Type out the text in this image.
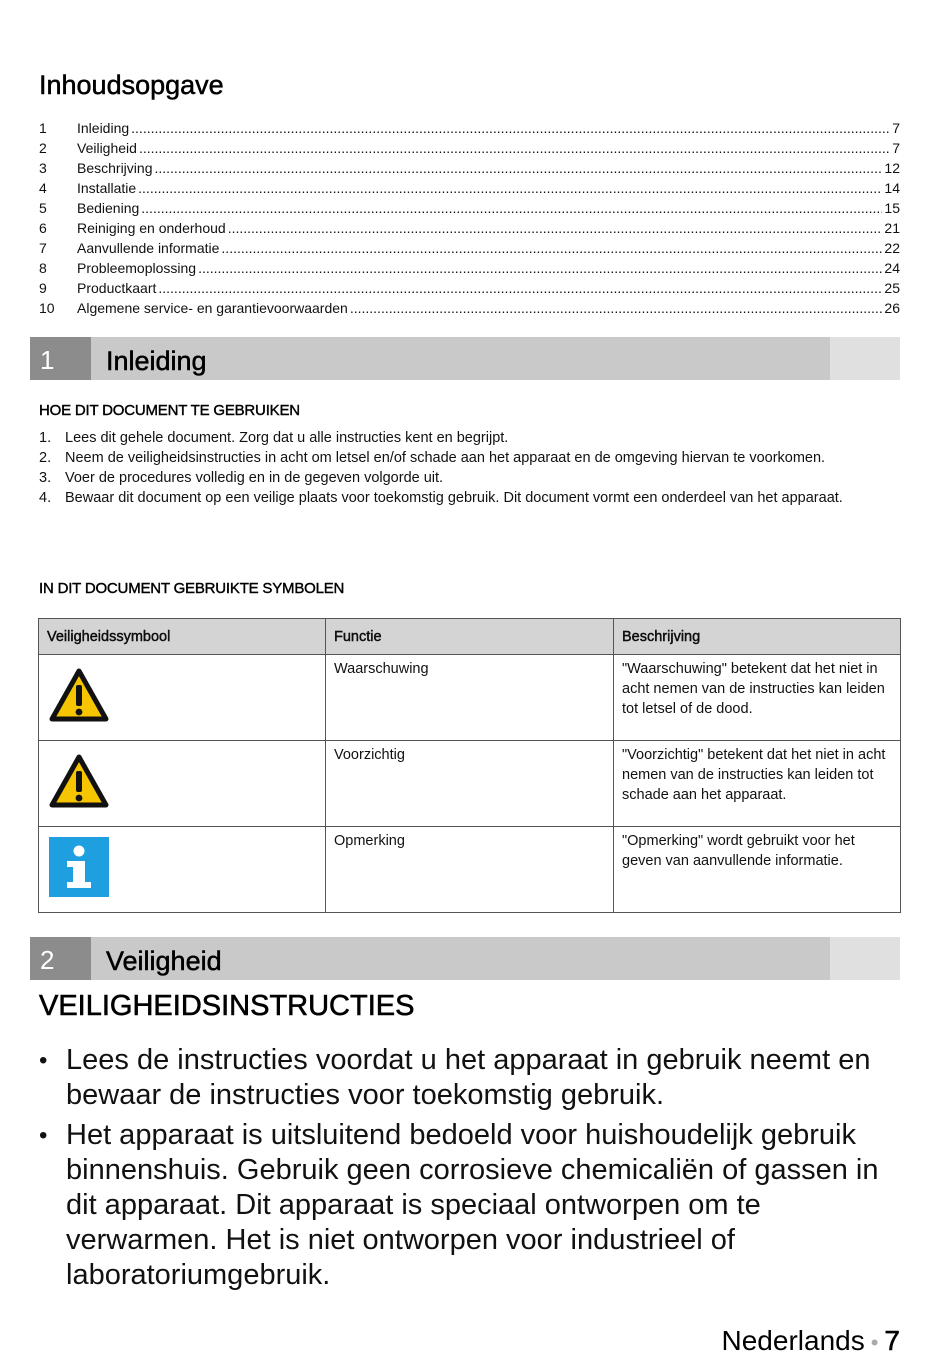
Inhoudsopgave
1	Inleiding .....	7
2	Veiligheid .....	7
3	Beschrijving .....	12
4	Installatie .....	14
5	Bediening .....	15
6	Reiniging en onderhoud .....	21
7	Aanvullende informatie .....	22
8	Probleemoplossing .....	24
9	Productkaart .....	25
10	Algemene service- en garantievoorwaarden .....	26
1	Inleiding
HOE DIT DOCUMENT TE GEBRUIKEN
1. Lees dit gehele document. Zorg dat u alle instructies kent en begrijpt.
2. Neem de veiligheidsinstructies in acht om letsel en/of schade aan het apparaat en de omgeving hiervan te voorkomen.
3. Voer de procedures volledig en in de gegeven volgorde uit.
4. Bewaar dit document op een veilige plaats voor toekomstig gebruik. Dit document vormt een onderdeel van het apparaat.
IN DIT DOCUMENT GEBRUIKTE SYMBOLEN
Veiligheidssymbool	Functie	Beschrijving
	Waarschuwing	"Waarschuwing" betekent dat het niet in acht nemen van de instructies kan leiden tot letsel of de dood.
	Voorzichtig	"Voorzichtig" betekent dat het niet in acht nemen van de instructies kan leiden tot schade aan het apparaat.
	Opmerking	"Opmerking" wordt gebruikt voor het geven van aanvullende informatie.
2	Veiligheid
VEILIGHEIDSINSTRUCTIES
• Lees de instructies voordat u het apparaat in gebruik neemt en bewaar de instructies voor toekomstig gebruik.
• Het apparaat is uitsluitend bedoeld voor huishoudelijk gebruik binnenshuis. Gebruik geen corrosieve chemicaliën of gassen in dit apparaat. Dit apparaat is speciaal ontworpen om te verwarmen. Het is niet ontworpen voor industrieel of laboratoriumgebruik.
Nederlands • 7
